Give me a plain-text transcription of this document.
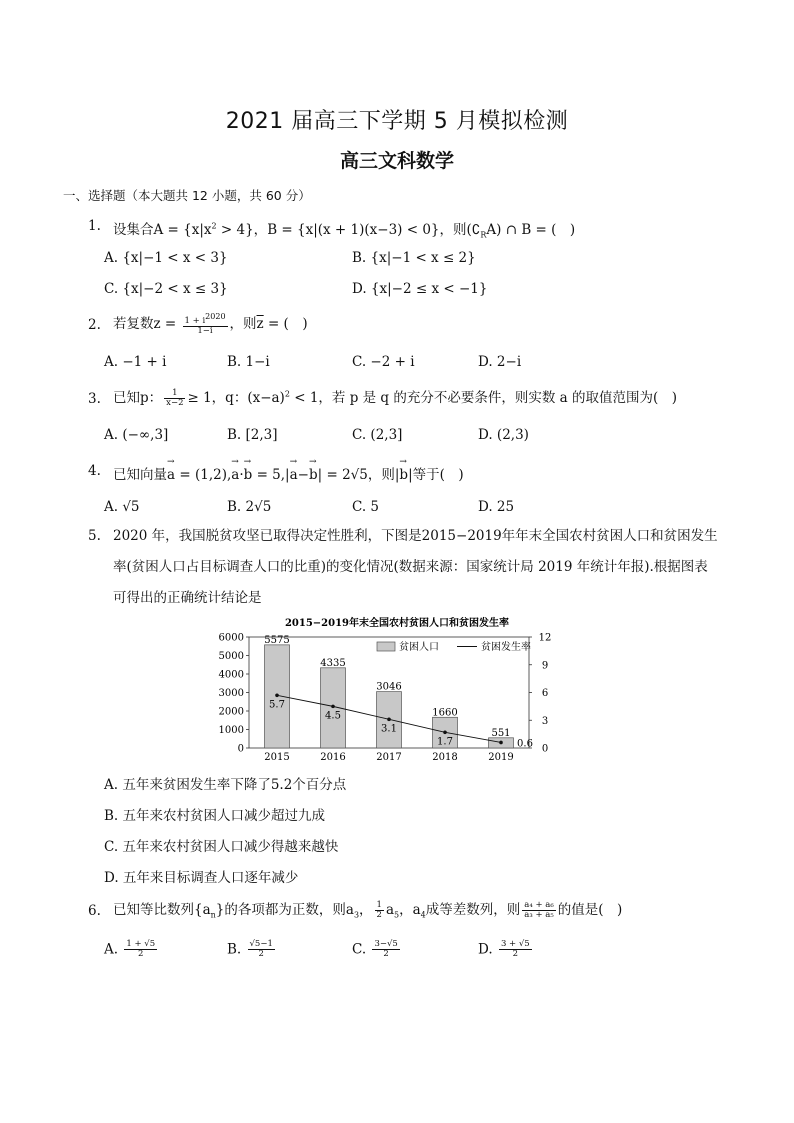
2021 届高三下学期 5 月模拟检测
高三文科数学
一、选择题（本大题共 12 小题，共 60 分）
1. 设集合$A = \{x|x^2 > 4\}$，B = {x|(x + 1)(x−3) < 0}，则$(∁_RA)$ ∩ B = (　)
A. {x|−1 < x < 3}	B. {x|−1 < x ≤ 2}
C. {x|−2 < x ≤ 3}	D. {x|−2 ≤ x < −1}
2. 若复数$z = \frac{1 + i^{2020}}{1-i}$ ，则$\overline{z}$ = (　)
A. −1 + i	B. 1−i	C. −2 + i	D. 2−i
3. 已知p： $\frac{1}{x-2} \ge 1$，q：$(x-a)^2 < 1$，若 p 是 q 的充分不必要条件，则实数 a 的取值范围为(　)
A. (−∞,3]	B. [2,3]	C. (2,3]	D. (2,3)
4. 已知向量→ a = (1,2),→ a·→ b = 5,|→ a−→ b| = 2√5，则|→ b|等于(　)
A. √5	B. 2√5	C. 5	D. 25
5. 2020 年，我国脱贫攻坚已取得决定性胜利，下图是2015−2019年年末全国农村贫困人口和贫困发生
率(贫困人口占目标调查人口的比重)的变化情况(数据来源：国家统计局 2019 年统计年报).根据图表
可得出的正确统计结论是
2015−2019年末全国农村贫困人口和贫困发生率
0
1000
2000
3000
4000
5000
6000
0
3
6
9
12
5575
2015
4335
2016
3046
2017
1660
2018
551
2019
5.7
4.5
3.1
1.7	0.6
贫困人口	贫困发生率
A. 五年来贫困发生率下降了5.2个百分点
B. 五年来农村贫困人口减少超过九成
C. 五年来农村贫困人口减少得越来越快
D. 五年来目标调查人口逐年减少
6. 已知等比数列$\{a_n\}$的各项都为正数，则$a_3$， $\frac{1}{2} a_5$，$a_4$成等差数列，则 $\frac{\text{a₄ + a₆}}{\text{a₃ + a₅}}$ 的值是(　)
A. $\frac{1 + √5}{2}$	B. $\frac{√5-1}{2}$	C. $\frac{3-√5}{2}$	D. $\frac{3 + √5}{2}$
